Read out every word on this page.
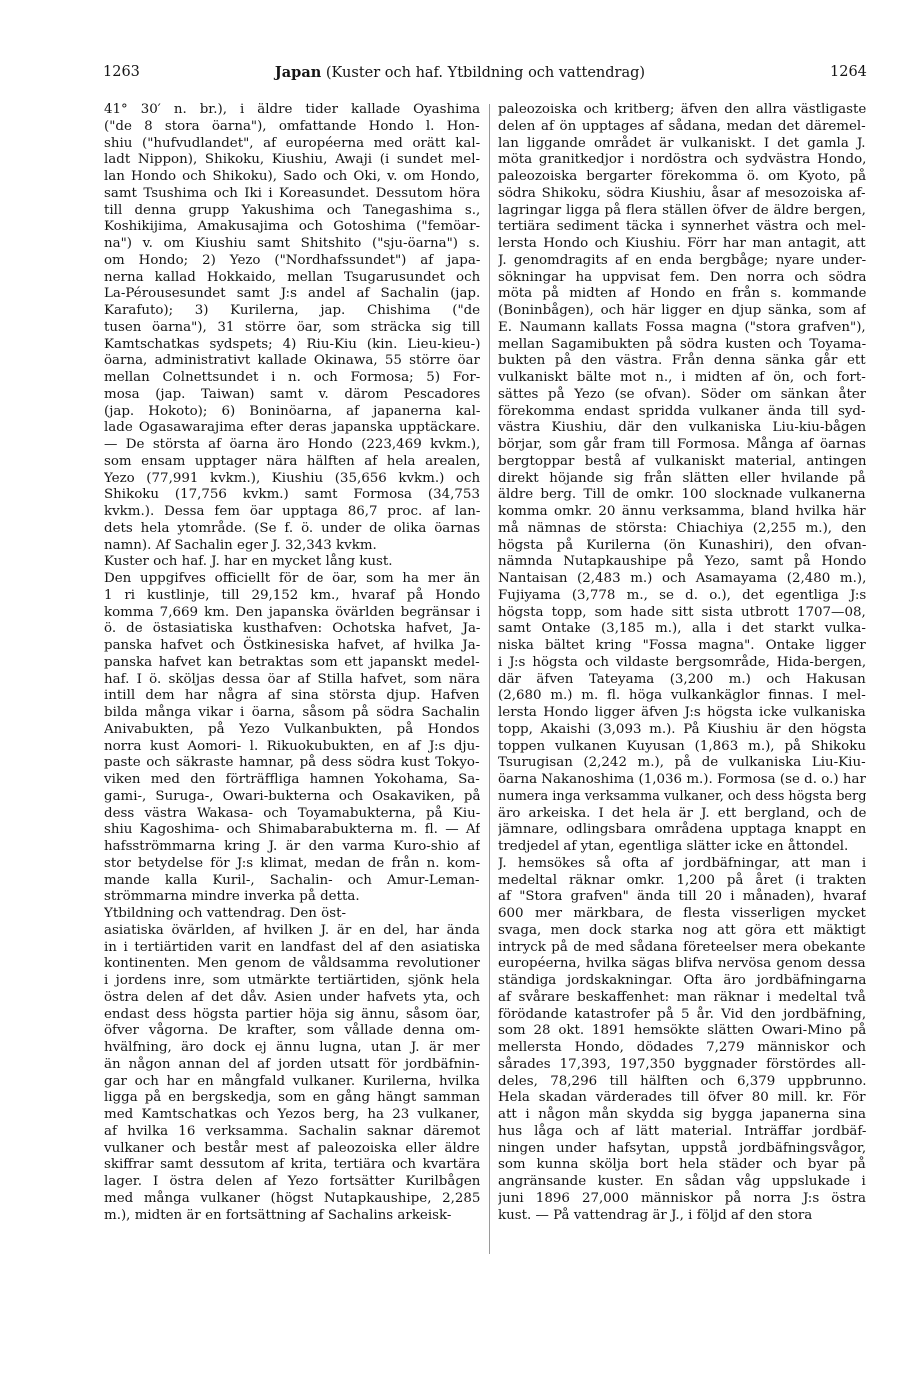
1263	Japan (Kuster och haf. Ytbildning och vattendrag)	1264
41° 30′ n. br.), i äldre tider kallade Oyashima
("de 8 stora öarna"), omfattande Hondo l. Hon-
shiu ("hufvudlandet", af européerna med orätt kal-
ladt Nippon), Shikoku, Kiushiu, Awaji (i sundet mel-
lan Hondo och Shikoku), Sado och Oki, v. om Hondo,
samt Tsushima och Iki i Koreasundet. Dessutom höra
till denna grupp Yakushima och Tanegashima s.,
Koshikijima, Amakusajima och Gotoshima ("femöar-
na") v. om Kiushiu samt Shitshito ("sju-öarna") s.
om Hondo; 2) Yezo ("Nordhafssundet") af japa-
nerna kallad Hokkaido, mellan Tsugarusundet och
La-Pérousesundet samt J:s andel af Sachalin (jap.
Karafuto); 3) Kurilerna, jap. Chishima ("de
tusen öarna"), 31 större öar, som sträcka sig till
Kamtschatkas sydspets; 4) Riu-Kiu (kin. Lieu-kieu-)
öarna, administrativt kallade Okinawa, 55 större öar
mellan Colnettsundet i n. och Formosa; 5) For-
mosa (jap. Taiwan) samt v. därom Pescadores
(jap. Hokoto); 6) Boninöarna, af japanerna kal-
lade Ogasawarajima efter deras japanska upptäckare.
— De största af öarna äro Hondo (223,469 kvkm.),
som ensam upptager nära hälften af hela arealen,
Yezo (77,991 kvkm.), Kiushiu (35,656 kvkm.) och
Shikoku (17,756 kvkm.) samt Formosa (34,753
kvkm.). Dessa fem öar upptaga 86,7 proc. af lan-
dets hela ytområde. (Se f. ö. under de olika öarnas
namn). Af Sachalin eger J. 32,343 kvkm.
Kuster och haf. J. har en mycket lång kust.
Den uppgifves officiellt för de öar, som ha mer än
1 ri kustlinje, till 29,152 km., hvaraf på Hondo
komma 7,669 km. Den japanska övärlden begränsar i
ö. de östasiatiska kusthafven: Ochotska hafvet, Ja-
panska hafvet och Östkinesiska hafvet, af hvilka Ja-
panska hafvet kan betraktas som ett japanskt medel-
haf. I ö. sköljas dessa öar af Stilla hafvet, som nära
intill dem har några af sina största djup. Hafven
bilda många vikar i öarna, såsom på södra Sachalin
Anivabukten, på Yezo Vulkanbukten, på Hondos
norra kust Aomori- l. Rikuokubukten, en af J:s dju-
paste och säkraste hamnar, på dess södra kust Tokyo-
viken med den förträffliga hamnen Yokohama, Sa-
gami-, Suruga-, Owari-bukterna och Osakaviken, på
dess västra Wakasa- och Toyamabukterna, på Kiu-
shiu Kagoshima- och Shimabarabukterna m. fl. — Af
hafsströmmarna kring J. är den varma Kuro-shio af
stor betydelse för J:s klimat, medan de från n. kom-
mande kalla Kuril-, Sachalin- och Amur-Leman-
strömmarna mindre inverka på detta.
Ytbildning och vattendrag. Den öst-
asiatiska övärlden, af hvilken J. är en del, har ända
in i tertiärtiden varit en landfast del af den asiatiska
kontinenten. Men genom de våldsamma revolutioner
i jordens inre, som utmärkte tertiärtiden, sjönk hela
östra delen af det dåv. Asien under hafvets yta, och
endast dess högsta partier höja sig ännu, såsom öar,
öfver vågorna. De krafter, som vållade denna om-
hvälfning, äro dock ej ännu lugna, utan J. är mer
än någon annan del af jorden utsatt för jordbäfnin-
gar och har en mångfald vulkaner. Kurilerna, hvilka
ligga på en bergskedja, som en gång hängt samman
med Kamtschatkas och Yezos berg, ha 23 vulkaner,
af hvilka 16 verksamma. Sachalin saknar däremot
vulkaner och består mest af paleozoiska eller äldre
skiffrar samt dessutom af krita, tertiära och kvartära
lager. I östra delen af Yezo fortsätter Kurilbågen
med många vulkaner (högst Nutapkaushipe, 2,285
m.), midten är en fortsättning af Sachalins arkeisk-
paleozoiska och kritberg; äfven den allra västligaste
delen af ön upptages af sådana, medan det däremel-
lan liggande området är vulkaniskt. I det gamla J.
möta granitkedjor i nordöstra och sydvästra Hondo,
paleozoiska bergarter förekomma ö. om Kyoto, på
södra Shikoku, södra Kiushiu, åsar af mesozoiska af-
lagringar ligga på flera ställen öfver de äldre bergen,
tertiära sediment täcka i synnerhet västra och mel-
lersta Hondo och Kiushiu. Förr har man antagit, att
J. genomdragits af en enda bergbåge; nyare under-
sökningar ha uppvisat fem. Den norra och södra
möta på midten af Hondo en från s. kommande
(Boninbågen), och här ligger en djup sänka, som af
E. Naumann kallats Fossa magna ("stora grafven"),
mellan Sagamibukten på södra kusten och Toyama-
bukten på den västra. Från denna sänka går ett
vulkaniskt bälte mot n., i midten af ön, och fort-
sättes på Yezo (se ofvan). Söder om sänkan åter
förekomma endast spridda vulkaner ända till syd-
västra Kiushiu, där den vulkaniska Liu-kiu-bågen
börjar, som går fram till Formosa. Många af öarnas
bergtoppar bestå af vulkaniskt material, antingen
direkt höjande sig från slätten eller hvilande på
äldre berg. Till de omkr. 100 slocknade vulkanerna
komma omkr. 20 ännu verksamma, bland hvilka här
må nämnas de största: Chiachiya (2,255 m.), den
högsta på Kurilerna (ön Kunashiri), den ofvan-
nämnda Nutapkaushipe på Yezo, samt på Hondo
Nantaisan (2,483 m.) och Asamayama (2,480 m.),
Fujiyama (3,778 m., se d. o.), det egentliga J:s
högsta topp, som hade sitt sista utbrott 1707—08,
samt Ontake (3,185 m.), alla i det starkt vulka-
niska bältet kring "Fossa magna". Ontake ligger
i J:s högsta och vildaste bergsområde, Hida-bergen,
där äfven Tateyama (3,200 m.) och Hakusan
(2,680 m.) m. fl. höga vulkankäglor finnas. I mel-
lersta Hondo ligger äfven J:s högsta icke vulkaniska
topp, Akaishi (3,093 m.). På Kiushiu är den högsta
toppen vulkanen Kuyusan (1,863 m.), på Shikoku
Tsurugisan (2,242 m.), på de vulkaniska Liu-Kiu-
öarna Nakanoshima (1,036 m.). Formosa (se d. o.) har
numera inga verksamma vulkaner, och dess högsta berg
äro arkeiska. I det hela är J. ett bergland, och de
jämnare, odlingsbara områdena upptaga knappt en
tredjedel af ytan, egentliga slätter icke en åttondel.
J. hemsökes så ofta af jordbäfningar, att man i
medeltal räknar omkr. 1,200 på året (i trakten
af "Stora grafven" ända till 20 i månaden), hvaraf
600 mer märkbara, de flesta visserligen mycket
svaga, men dock starka nog att göra ett mäktigt
intryck på de med sådana företeelser mera obekante
européerna, hvilka sägas blifva nervösa genom dessa
ständiga jordskakningar. Ofta äro jordbäfningarna
af svårare beskaffenhet: man räknar i medeltal två
förödande katastrofer på 5 år. Vid den jordbäfning,
som 28 okt. 1891 hemsökte slätten Owari-Mino på
mellersta Hondo, dödades 7,279 människor och
sårades 17,393, 197,350 byggnader förstördes all-
deles, 78,296 till hälften och 6,379 uppbrunno.
Hela skadan värderades till öfver 80 mill. kr. För
att i någon mån skydda sig bygga japanerna sina
hus låga och af lätt material. Inträffar jordbäf-
ningen under hafsytan, uppstå jordbäfningsvågor,
som kunna skölja bort hela städer och byar på
angränsande kuster. En sådan våg uppslukade i
juni 1896 27,000 människor på norra J:s östra
kust. — På vattendrag är J., i följd af den stora
